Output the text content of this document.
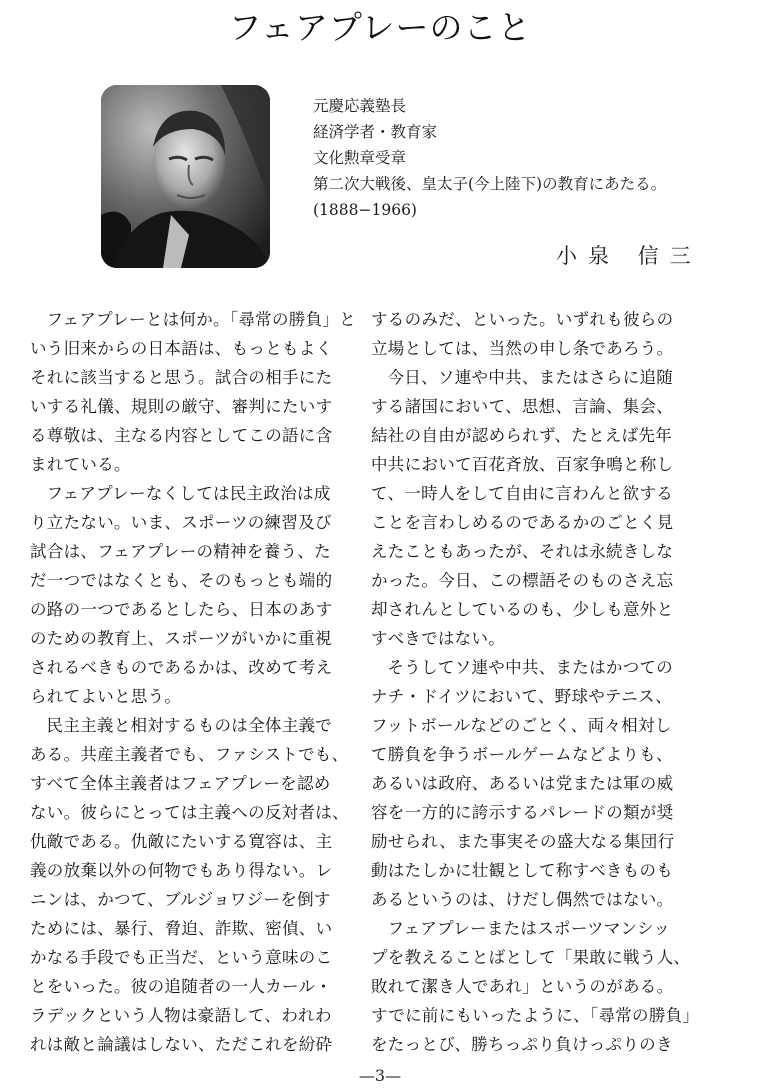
フェアプレーのこと
元慶応義塾長
経済学者・教育家
文化勲章受章
第二次大戦後、皇太子(今上陸下)の教育にあたる。
(1888−1966)
小泉 信三
フェアプレーとは何か。「尋常の勝負」と
いう旧来からの日本語は、もっともよく
それに該当すると思う。試合の相手にた
いする礼儀、規則の厳守、審判にたいす
る尊敬は、主なる内容としてこの語に含
まれている。
フェアプレーなくしては民主政治は成
り立たない。いま、スポーツの練習及び
試合は、フェアプレーの精神を養う、た
だ一つではなくとも、そのもっとも端的
の路の一つであるとしたら、日本のあす
のための教育上、スポーツがいかに重視
されるべきものであるかは、改めて考え
られてよいと思う。
民主主義と相対するものは全体主義で
ある。共産主義者でも、ファシストでも、
すべて全体主義者はフェアプレーを認め
ない。彼らにとっては主義への反対者は、
仇敵である。仇敵にたいする寛容は、主
義の放棄以外の何物でもあり得ない。レ
ニンは、かつて、ブルジョワジーを倒す
ためには、暴行、脅迫、詐欺、密偵、い
かなる手段でも正当だ、という意味のこ
とをいった。彼の追随者の一人カール・
ラデックという人物は豪語して、われわ
れは敵と論議はしない、ただこれを紛砕
するのみだ、といった。いずれも彼らの
立場としては、当然の申し条であろう。
今日、ソ連や中共、またはさらに追随
する諸国において、思想、言論、集会、
結社の自由が認められず、たとえば先年
中共において百花斉放、百家争鳴と称し
て、一時人をして自由に言わんと欲する
ことを言わしめるのであるかのごとく見
えたこともあったが、それは永続きしな
かった。今日、この標語そのものさえ忘
却されんとしているのも、少しも意外と
すべきではない。
そうしてソ連や中共、またはかつての
ナチ・ドイツにおいて、野球やテニス、
フットボールなどのごとく、両々相対し
て勝負を争うボールゲームなどよりも、
あるいは政府、あるいは党または軍の威
容を一方的に誇示するパレードの類が奨
励せられ、また事実その盛大なる集団行
動はたしかに壮観として称すべきものも
あるというのは、けだし偶然ではない。
フェアプレーまたはスポーツマンシッ
プを教えることばとして「果敢に戦う人、
敗れて潔き人であれ」というのがある。
すでに前にもいったように、「尋常の勝負」
をたっとび、勝ちっぷり負けっぷりのき
—3—
